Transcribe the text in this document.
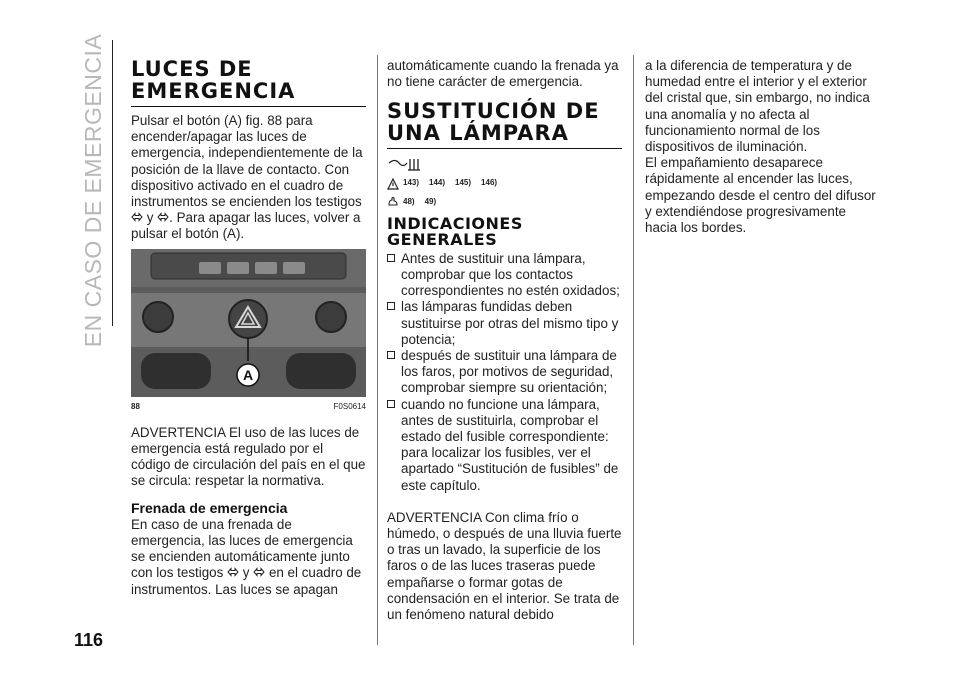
EN CASO DE EMERGENCIA
116
LUCES DE
EMERGENCIA

Pulsar el botón (A) fig. 88 para encender/apagar las luces de emergencia, independientemente de la posición de la llave de contacto. Con dispositivo activado en el cuadro de instrumentos se encienden los testigos  y . Para apagar las luces, volver a pulsar el botón (A).

A
88	F0S0614

ADVERTENCIA El uso de las luces de emergencia está regulado por el código de circulación del país en el que se circula: respetar la normativa.

Frenada de emergencia

En caso de una frenada de emergencia, las luces de emergencia se encienden automáticamente junto con los testigos y en el cuadro de instrumentos. Las luces se apagan

automáticamente cuando la frenada ya no tiene carácter de emergencia.

SUSTITUCIÓN DE
UNA LÁMPARA
143) 144) 145) 146)
48) 49)
INDICACIONES
GENERALES
Antes de sustituir una lámpara, comprobar que los contactos correspondientes no estén oxidados;
las lámparas fundidas deben sustituirse por otras del mismo tipo y potencia;
después de sustituir una lámpara de los faros, por motivos de seguridad, comprobar siempre su orientación;
cuando no funcione una lámpara, antes de sustituirla, comprobar el estado del fusible correspondiente: para localizar los fusibles, ver el apartado “Sustitución de fusibles” de este capítulo.

ADVERTENCIA Con clima frío o húmedo, o después de una lluvia fuerte o tras un lavado, la superficie de los faros o de las luces traseras puede empañarse o formar gotas de condensación en el interior. Se trata de un fenómeno natural debido

a la diferencia de temperatura y de humedad entre el interior y el exterior del cristal que, sin embargo, no indica una anomalía y no afecta al funcionamiento normal de los dispositivos de iluminación.

El empañamiento desaparece rápidamente al encender las luces, empezando desde el centro del difusor y extendiéndose progresivamente hacia los bordes.
